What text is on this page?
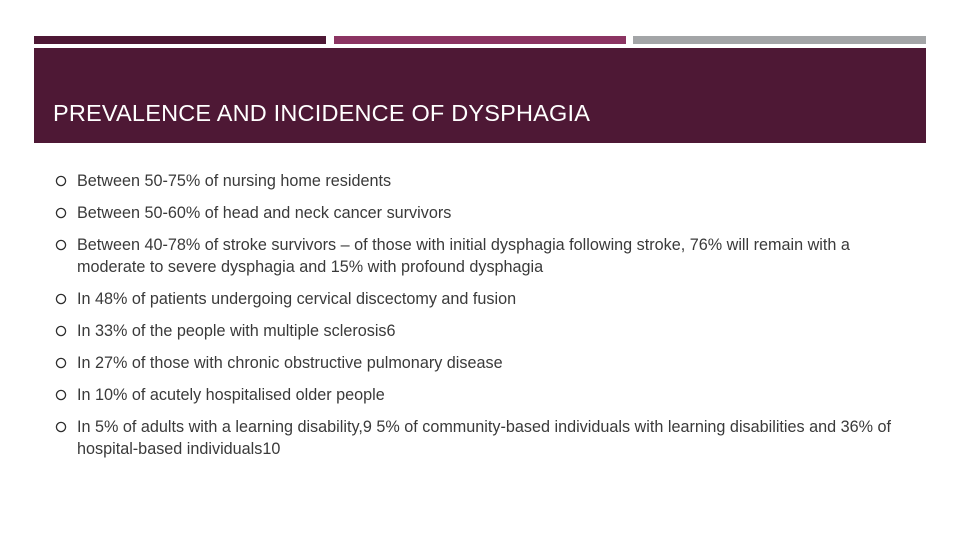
PREVALENCE AND INCIDENCE OF DYSPHAGIA
Between 50-75% of nursing home residents
Between 50-60% of head and neck cancer survivors
Between 40-78% of stroke survivors – of those with initial dysphagia following stroke, 76% will remain with a moderate to severe dysphagia and 15% with profound dysphagia
In 48% of patients undergoing cervical discectomy and fusion
In 33% of the people with multiple sclerosis6
In 27% of those with chronic obstructive pulmonary disease
In 10% of acutely hospitalised older people
In 5% of adults with a learning disability,9 5% of community-based individuals with learning disabilities and 36% of hospital-based individuals10
